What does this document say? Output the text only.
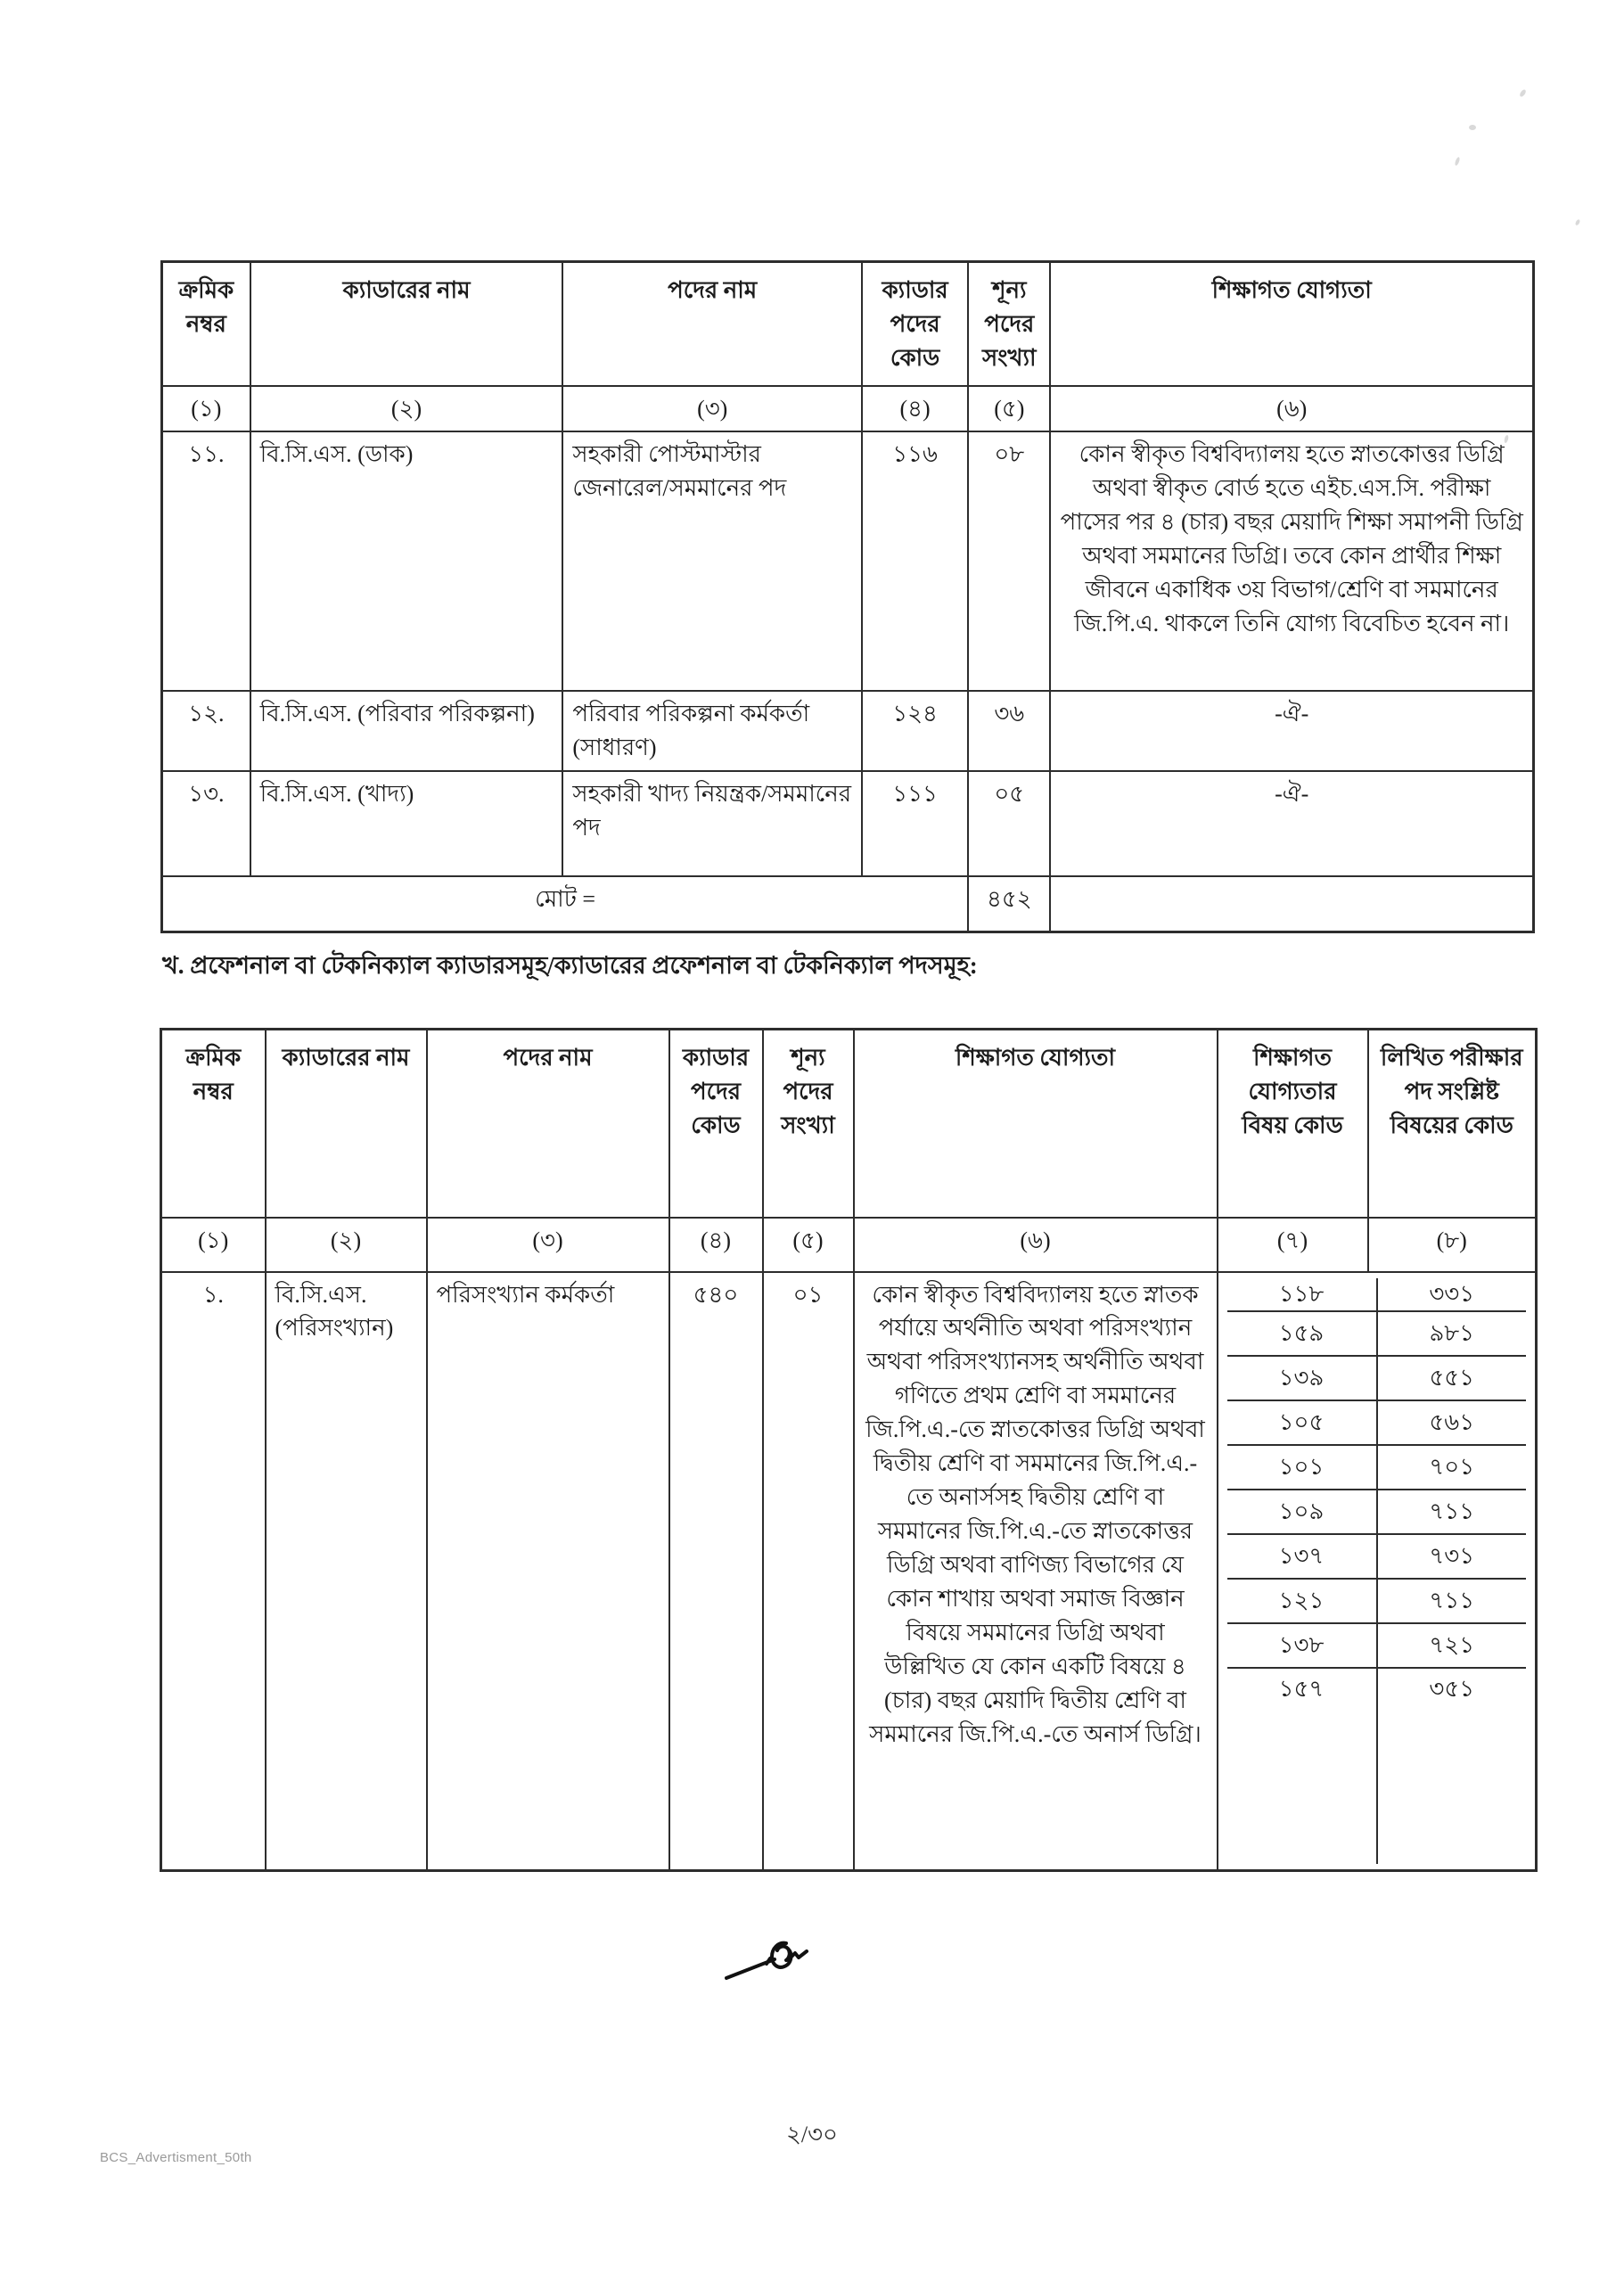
ক্রমিক নম্বর	ক্যাডারের নাম	পদের নাম	ক্যাডার পদের কোড	শূন্য পদের সংখ্যা	শিক্ষাগত যোগ্যতা
(১)	(২)	(৩)	(৪)	(৫)	(৬)
১১.	বি.সি.এস. (ডাক)	সহকারী পোস্টমাস্টার জেনারেল/সমমানের পদ	১১৬	০৮	কোন স্বীকৃত বিশ্ববিদ্যালয় হতে স্নাতকোত্তর ডিগ্রি অথবা স্বীকৃত বোর্ড হতে এইচ.এস.সি. পরীক্ষা পাসের পর ৪ (চার) বছর মেয়াদি শিক্ষা সমাপনী ডিগ্রি অথবা সমমানের ডিগ্রি। তবে কোন প্রার্থীর শিক্ষা জীবনে একাধিক ৩য় বিভাগ/শ্রেণি বা সমমানের জি.পি.এ. থাকলে তিনি যোগ্য বিবেচিত হবেন না।
১২.	বি.সি.এস. (পরিবার পরিকল্পনা)	পরিবার পরিকল্পনা কর্মকর্তা (সাধারণ)	১২৪	৩৬	-ঐ-
১৩.	বি.সি.এস. (খাদ্য)	সহকারী খাদ্য নিয়ন্ত্রক/সমমানের পদ	১১১	০৫	-ঐ-
মোট =				৪৫২	
খ. প্রফেশনাল বা টেকনিক্যাল ক্যাডারসমূহ/ক্যাডারের প্রফেশনাল বা টেকনিক্যাল পদসমূহ:
ক্রমিক নম্বর	ক্যাডারের নাম	পদের নাম	ক্যাডার পদের কোড	শূন্য পদের সংখ্যা	শিক্ষাগত যোগ্যতা	শিক্ষাগত যোগ্যতার বিষয় কোড	লিখিত পরীক্ষার পদ সংশ্লিষ্ট বিষয়ের কোড
(১)	(২)	(৩)	(৪)	(৫)	(৬)	(৭)	(৮)
১.	বি.সি.এস. (পরিসংখ্যান)	পরিসংখ্যান কর্মকর্তা	৫৪০	০১	কোন স্বীকৃত বিশ্ববিদ্যালয় হতে স্নাতক পর্যায়ে অর্থনীতি অথবা পরিসংখ্যান অথবা পরিসংখ্যানসহ অর্থনীতি অথবা গণিতে প্রথম শ্রেণি বা সমমানের জি.পি.এ.-তে স্নাতকোত্তর ডিগ্রি অথবা দ্বিতীয় শ্রেণি বা সমমানের জি.পি.এ.-তে অনার্সসহ দ্বিতীয় শ্রেণি বা সমমানের জি.পি.এ.-তে স্নাতকোত্তর ডিগ্রি অথবা বাণিজ্য বিভাগের যে কোন শাখায় অথবা সমাজ বিজ্ঞান বিষয়ে সমমানের ডিগ্রি অথবা উল্লিখিত যে কোন একটি বিষয়ে ৪ (চার) বছর মেয়াদি দ্বিতীয় শ্রেণি বা সমমানের জি.পি.এ.-তে অনার্স ডিগ্রি।	
১১৮	৩৩১
১৫৯	৯৮১
১৩৯	৫৫১
১০৫	৫৬১
১০১	৭০১
১০৯	৭১১
১৩৭	৭৩১
১২১	৭১১
১৩৮	৭২১
১৫৭	৩৫১
২/৩০
BCS_Advertisment_50th
